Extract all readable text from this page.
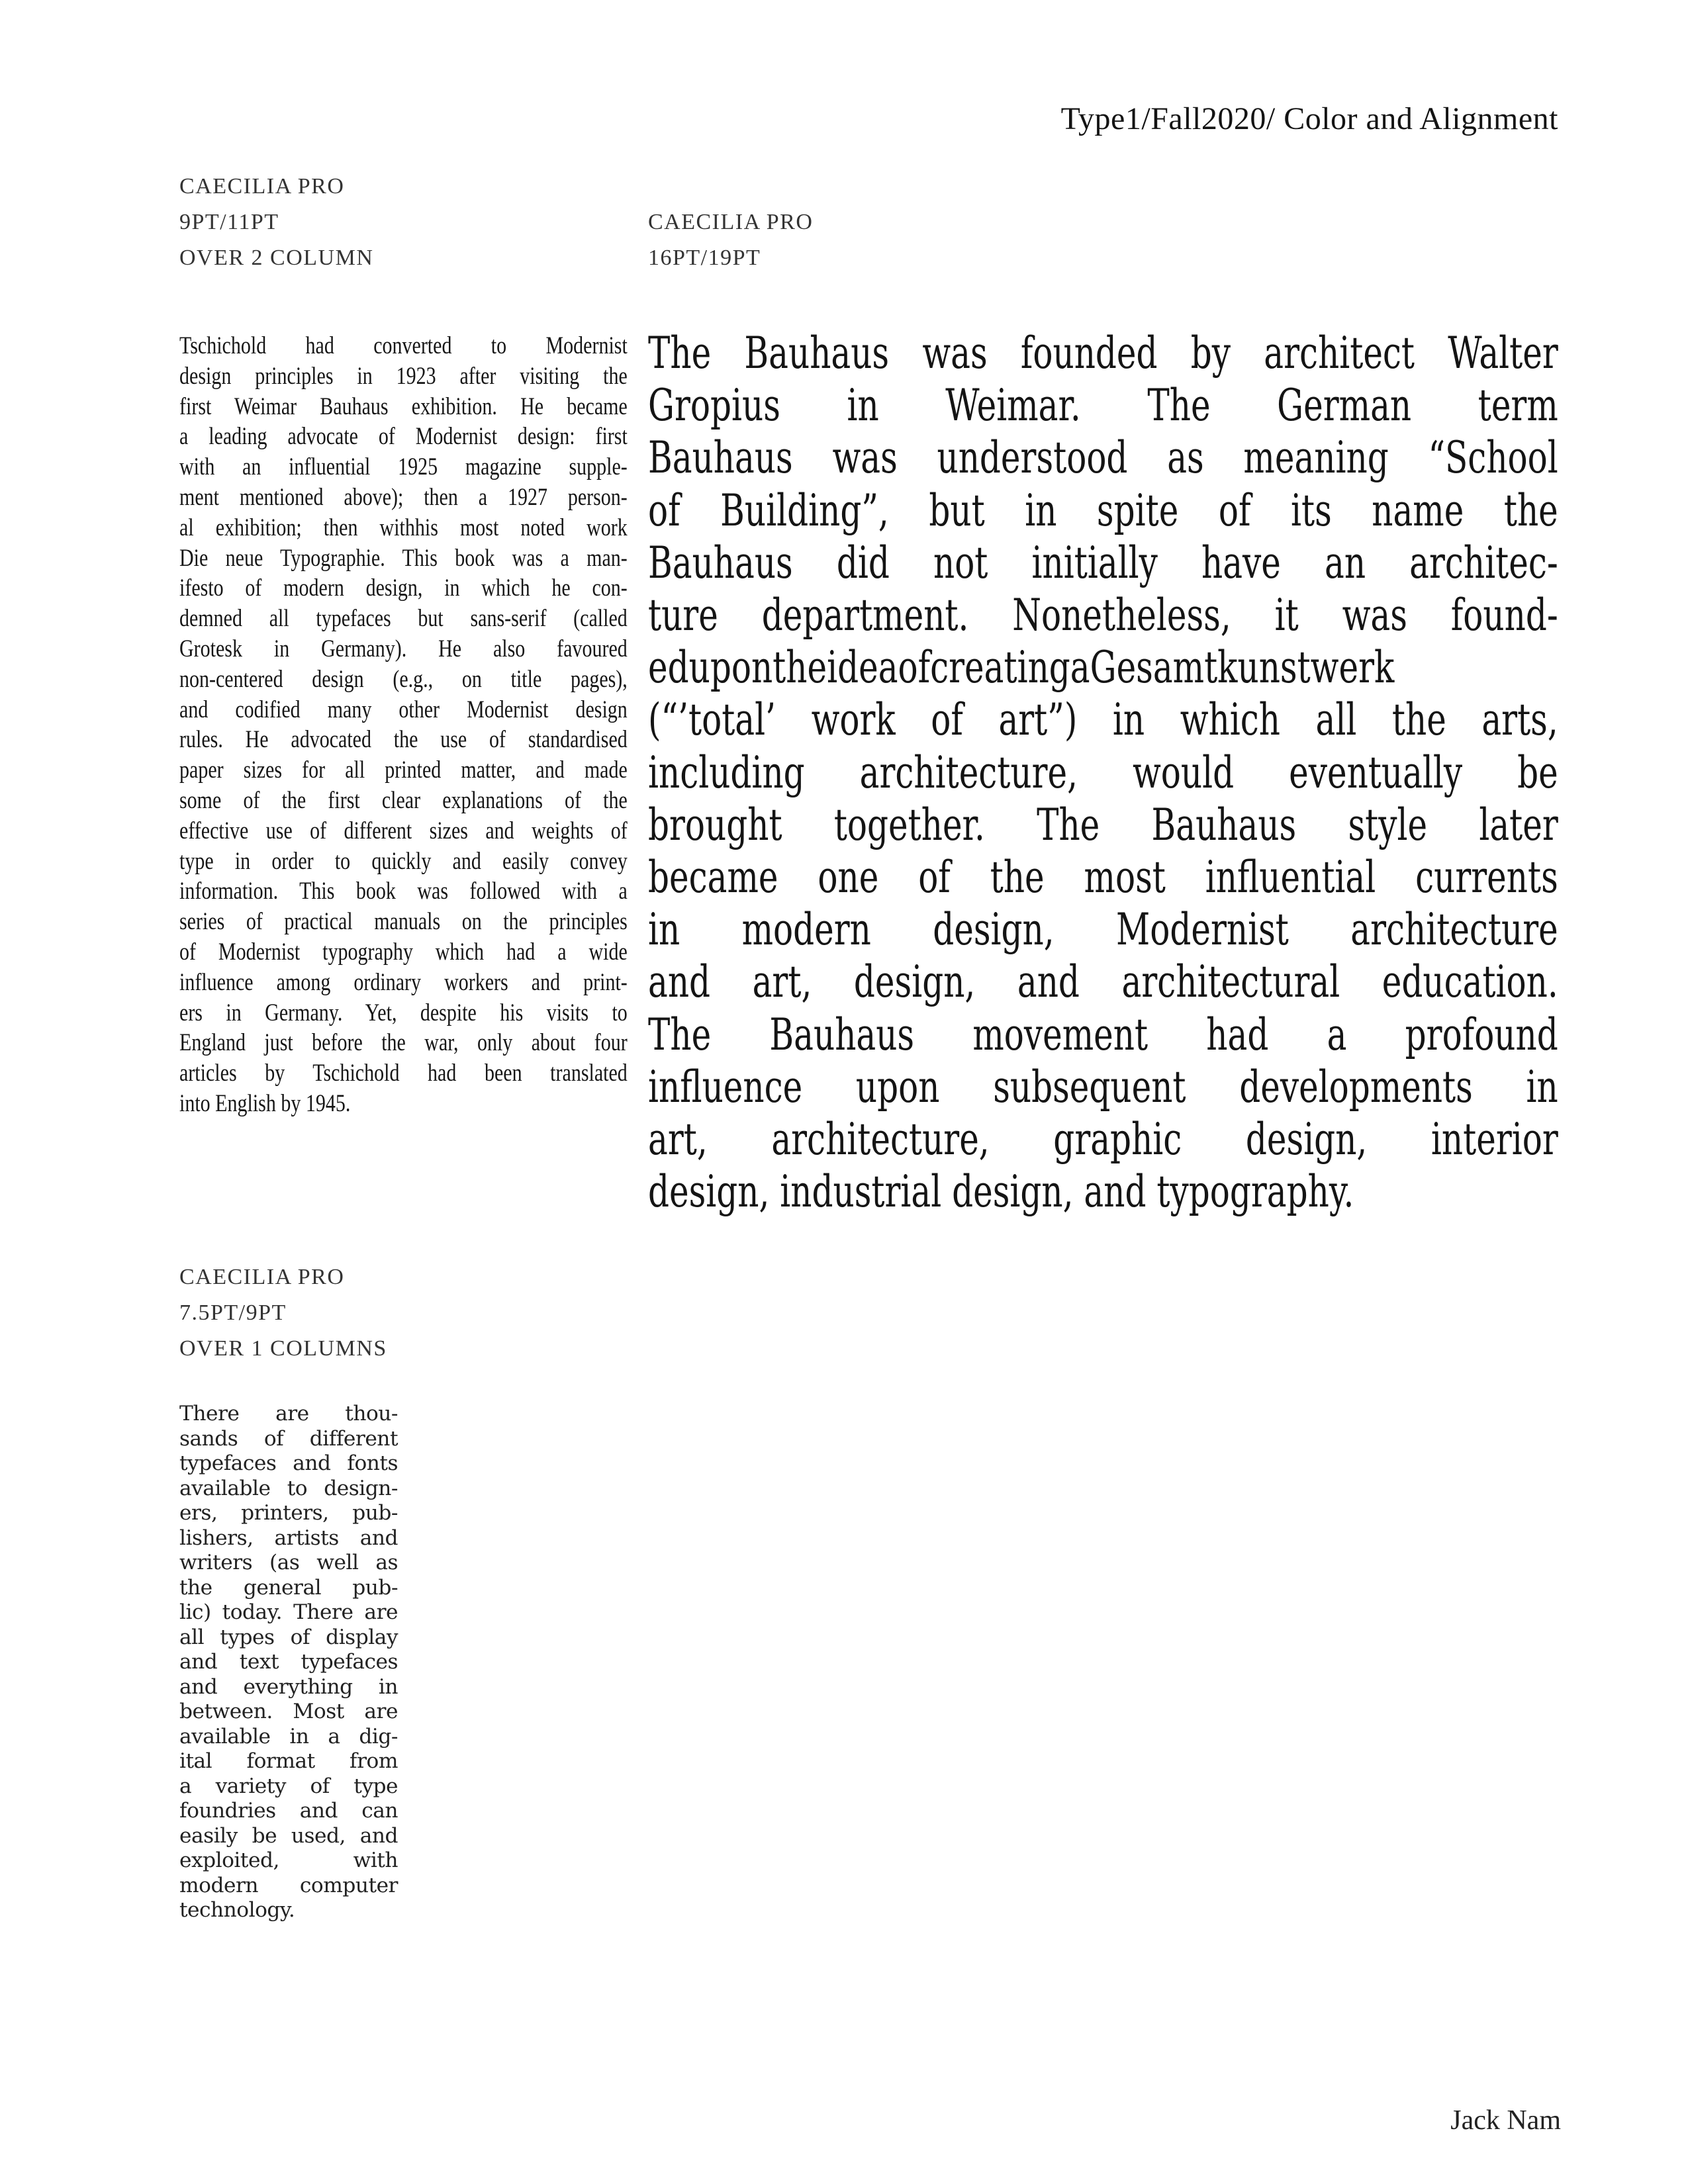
Type1/Fall2020/ Color and Alignment
CAECILIA PRO
9PT/11PT
OVER 2 COLUMN
CAECILIA PRO
16PT/19PT
Tschichold had converted to Modernist
design principles in 1923 after visiting the
first Weimar Bauhaus exhibition. He became
a leading advocate of Modernist design: first
with an influential 1925 magazine supple-
ment mentioned above); then a 1927 person-
al exhibition; then withhis most noted work
Die neue Typographie. This book was a man-
ifesto of modern design, in which he con-
demned all typefaces but sans-serif (called
Grotesk in Germany). He also favoured
non-centered design (e.g., on title pages),
and codified many other Modernist design
rules. He advocated the use of standardised
paper sizes for all printed matter, and made
some of the first clear explanations of the
effective use of different sizes and weights of
type in order to quickly and easily convey
information. This book was followed with a
series of practical manuals on the principles
of Modernist typography which had a wide
influence among ordinary workers and print-
ers in Germany. Yet, despite his visits to
England just before the war, only about four
articles by Tschichold had been translated
into English by 1945.
The Bauhaus was founded by architect Walter
Gropius in Weimar. The German term
Bauhaus was understood as meaning “School
of Building”, but in spite of its name the
Bauhaus did not initially have an architec-
ture department. Nonetheless, it was found-
edupontheideaofcreatingaGesamtkunstwerk
(“’total’ work of art”) in which all the arts,
including architecture, would eventually be
brought together. The Bauhaus style later
became one of the most influential currents
in modern design, Modernist architecture
and art, design, and architectural education.
The Bauhaus movement had a profound
influence upon subsequent developments in
art, architecture, graphic design, interior
design, industrial design, and typography.
CAECILIA PRO
7.5PT/9PT
OVER 1 COLUMNS
There are thou-
sands of different
typefaces and fonts
available to design-
ers, printers, pub-
lishers, artists and
writers (as well as
the general pub-
lic) today. There are
all types of display
and text typefaces
and everything in
between. Most are
available in a dig-
ital format from
a variety of type
foundries and can
easily be used, and
exploited, with
modern computer
technology.
Jack Nam
